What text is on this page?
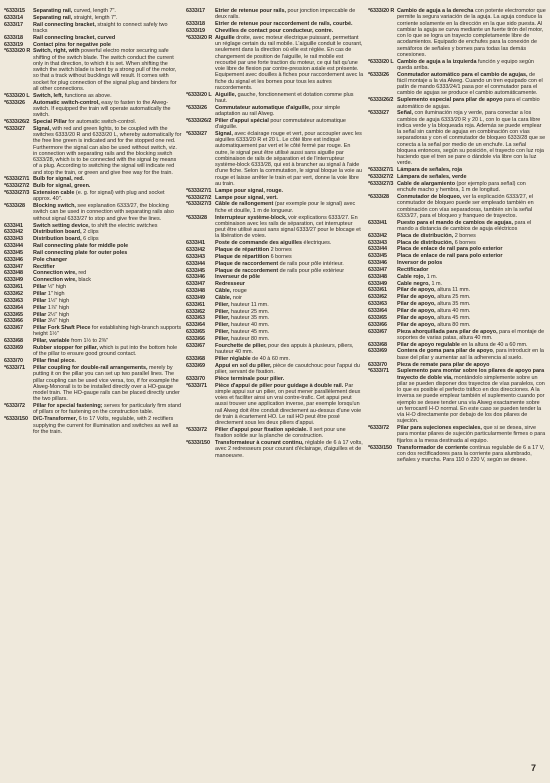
*6333/15	Separating rail, curved, length 7".
6333/14	Separating rail, straight, length 7".
6333/17	Rail connecting bracket, straight to connect safely two tracks
6333/18	Rail connecting bracket, curved
6333/19	Contact pins for negative pole
*6333/20 R Switch, right, with powerful electro motor securing safe shifting of the switch blade. The switch conduct the current only in that direction, to which it is set. When shifting the switch the switch blade is bent by a strong pull of the motor, so that a track without bucklings will result. It comes with socket for plug connection of the signal plug and binders for all other connections.
*6333/20 L Switch, left, functions as above.
*6333/26	Automatic switch-control, easy to fasten to the Alweg-switch. If equipped the train will operate automatically the switch.
*6333/26/2 Special Pillar for automatic switch-control.
*6333/27	Signal, with red and green lights, to be coupled with the switches 6333/20 R and 6333/20 L, whereby automatically for the free line green is indicated and for the stopped one red. Furthermore the signal can also be used without switch, viz. in connection with separating rails and the blocking switch 6333/28, which is to be connected with the signal by means of a plug. According to switching the signal will indicate red and stop the train, or green and give free way for the train.
*6333/27/1 Bulb for signal, red.
*6333/27/2 Bulb for signal, green.
*6333/27/3 Extension cable (e. g. for signal) with plug and socket approx. 40".
*6333/28	Blocking switch, see explanation 6333/27, the blocking switch can be used in connection with separating rails also without signal 6333/27 to stop and give free the lines.
6333/41	Switch setting device, to shift the electric switches
6333/42	Distribution board, 2 clips
6333/43	Distribution board, 6 clips
6333/44	Rail connecting plate for middle pole
6333/45	Rail connecting plate for outer poles
6333/46	Pole changer
6333/47	Rectifier
6333/48	Connection wire, red
6333/49	Connection wire, black
6333/61	Pillar ½" high
6333/62	Pillar 1" high
6333/63	Pillar 1½" high
6333/64	Pillar 1⅞" high
6333/65	Pillar 2½" high
6333/66	Pillar 3½" high
6333/67	Pillar Fork Shaft Piece for establishing high-branch supports height 1½"
6333/68	Pillar, variable from 1½ to 2⅜"
6333/69	Rubber stopper for pillar, which is put into the bottom hole of the pillar to ensure good ground contact.
6333/70	Pillar final piece.
*6333/71	Pillar coupling for double-rail arrangements, merely by putting it on the pillar you can set up two parallel lines. The pillar coupling can be used vice versa, too, if for example the Alweg-Monorail is to be installed directly over a HO-gauge model train. The HO-gauge rails can be placed directly under the two pillars.
*6333/72	Pillar for special fastening; serves for particularly firm stand of pillars or for fastening on the construction table.
*6333/150 D/C-Transformer, 6 to 17 Volts, regulable, with 2 rectifiers supplying the current for illumination and switches as well as for the train.
6333/17	Etrier de retenue pour rails, pour jonction impeccable de deux rails.
6333/18	Etrier de retenue pour raccordement de rails, courbé.
6333/19	Chevilles de contact pour conducteur, contre.
*6333/20 R Aiguille droite, avec moteur électrique puissant, permettant un réglage certain du rail mobile. L'aiguille conduit le courant, seulement dans la direction où elle est réglée. En cas de changement de position de l'aiguille, le rail mobile est recourbé par une forte traction du moteur, ce qui fait qu'une voie libre de flexion par contre-pression axiale est présente. Equipement avec douilles à fiches pour raccordement avec la fiche du signal et les bornes pour tous les autres raccordements.
*6333/20 L Aiguille, gauche, fonctionnement et dotation comme plus haut.
*6333/26	Commutateur automatique d'aiguille, pour simple adaptation au rail Alweg.
*6333/26/2 Pilier d'appui spécial pour commutateur automatique d'aiguille.
*6333/27	Signal, avec éclairage rouge et vert, pour accoupler avec les aiguilles 6333/20 R et 20 L. Le côté libre est indiqué automatiquement par vert et le côté fermé par rouge. En outre, le signal peut être utilisé aussi sans aiguille par combinaison de rails de séparation et de l'interrupteur système-block 6333/28, qui est à brancher au signal à l'aide d'une fiche. Selon la commutation, le signal bloque la voie au rouge et laisse arrêter le train et par vert, donne la voie libre au train.
*6333/27/1 Lampe pour signal, rouge.
*6333/27/2 Lampe pour signal, vert.
*6333/27/3 Câble de rallongement (par exemple pour le signal) avec fiche et douille, 1 m de longueur.
*6333/28	Interrupteur système-block, voir explications 6333/27. En combinaison avec les rails de séparation, cet interrupteur peut être utilisé aussi sans signal 6333/27 pour le blocage et la libération de voies.
6333/41	Poste de commande des aiguilles électriques.
6333/42	Plaque de répartition 2 bornes
6333/43	Plaque de répartition 6 bornes
6333/44	Plaque de raccordement de rails pour pôle intérieur.
6333/45	Plaque de raccordement de rails pour pôle extérieur
6333/46	Inverseur de pôle
6333/47	Redresseur
6333/48	Câble, rouge
6333/49	Câble, noir
6333/61	Pilier, hauteur 11 mm.
6333/62	Pilier, hauteur 25 mm.
6333/63	Pilier, hauteur 35 mm.
6333/64	Pilier, hauteur 40 mm.
6333/65	Pilier, hauteur 45 mm.
6333/66	Pilier, hauteur 80 mm.
6333/67	Fourchette de pilier, pour des appuis à plusieurs, piliers, hauteur 40 mm.
6333/68	Pilier réglable de 40 à 60 mm.
6333/69	Appui en sol du pilier, pièce de caoutchouc pour l'appui du pilier, servant de fixation.
6333/70	Pièce terminale pour pilier.
*6333/71	Pièce d'appui de pilier pour guidage à double rail. Par simple appui sur un pilier, on peut mener parallèlement deux voies et faciliter ainsi un vrai contre-trafic. Cet appui peut aussi trouver une application inverse, par exemple lorsqu'un rail Alweg doit être conduit directement au-dessus d'une voie de train à écartement HO. Le rail HO peut être posé directement sous les deux piliers d'appui.
*6333/72	Pilier d'appui pour fixation spéciale. Il sert pour une fixation solide sur la planche de construction.
*6333/150 Transformateur à courant continu, réglable de 6 à 17 volts, avec 2 redresseurs pour courant d'éclairage, d'aiguilles et de manoeuvre.
*6333/20 R Cambio de aguja a la derecha con potente electromotor que permite la segura variación de la aguja. La aguja conduce la corriente solamente en la dirección en la que sido puesta. Al cambiar la aguja se curva mediante un fuerte tirón del motor, con lo que se logra un trayecto completamente libre de acodamientos. Equipado de enchufes para la conexión de semáforos de señales y bornes para todas las demás conexiones.
*6333/20 L Cambio de aguja a la izquierda función y equipo según queda arriba.
*6333/26	Conmutador automático para el cambio de agujas, de fácil montaje a la via Alweg. Cuando un tren equipado con el patín de mando 6333/24/1 pasa por el conmutador para el cambio de agujas se produce el cambio automáticamente.
*6333/26/2 Suplemento especial para pilar de apoyo para el cambio automático de agujas.
*6333/27	Señal, con iluminación roja y verde, para conectar a los cambios de aguja 6333/20 R y 20 L, con lo que la cara libre indica verde y la bloqueada roja. Además se puede emplear la señal sin cambio de agujas en combinación con vías separadoras y con el conmutador de bloqueo 6333/28 que se conecta a la señal por medio de un enchufe. La señal bloquea entonces, según su posición, el trayecto con luz roja haciendo que el tren se pare o dándole vía libre con la luz verde.
*6333/27/1 Lámpara de señales, roja
*6333/27/2 Lámpara de señales, verde
*6333/27/3 Cable de alargamiento (por ejemplo para señal) con enchufe macho y hembra, 1 m de longitud.
*6333/28	Conmutador de bloqueo, ver la explicación 6333/27, el conmutador de bloqueo puede ser empleado también en combinación con vías separadoras, también sin la señal 6333/27, para el bloqueo y franqueo de trayectos.
6333/41	Puesto para el mando de cambios de agujas, para el mando a distancia de cambios de aguja eléctricos
6333/42	Placa de distribución, 2 bornes
6333/43	Placa de distribución, 6 bornes
6333/44	Placa de enlace de rail para polo exterior
6333/45	Placa de enlace de rail para polo exterior
6333/46	Inversor de polos
6333/47	Rectificador
6333/48	Cable rojo, 1 m.
6333/49	Cable negro, 1 m.
6333/61	Pilar de apoyo, altura 11 mm.
6333/62	Pilar de apoyo, altura 25 mm.
6333/63	Pilar de apoyo, altura 35 mm.
6333/64	Pilar de apoyo, altura 40 mm.
6333/65	Pilar de apoyo, altura 45 mm.
6333/66	Pilar de apoyo, altura 80 mm.
6333/67	Pieza ahorquillada para pilar de apoyo, para el montaje de soportes de varias patas, altura 40 mm.
6333/68	Pilar de apoyo regulable en la altura de 40 a 60 mm.
6333/69	Contera de goma para pilar de apoyo, para introducir en la base del pilar y aumentar así la adherencia al suelo.
6333/70	Pieza de remate para pilar de apoyo
*6333/71	Suplemento para montar sobre los pilares de apoyo para trayecto de doble vía, montándolo simplemente sobre un pilar se pueden disponer dos trayectos de vías paralelos, con lo que es posible el perfecto tráfico en dos direcciones. A la inversa se puede emplear también el suplemento cuando por ejemplo se desee tender una vía Alweg exactamente sobre un ferrocarril H-O normal. En este caso se pueden tender la vía H-O directamente por debajo de los dos pilares de sujeción.
*6333/72	Pilar para sujeciones especiales, que si se desea, sirve para montar pilares de sujeción particularmente firmes o para fijarlos a la mesa destinada al equipo.
*6333/150 Transformador de corriente continua regulable de 6 a 17 V, con dos rectificadores para la corriente para alumbrado, señales y marcha. Para 110 ó 220 V, según se desee.
7
